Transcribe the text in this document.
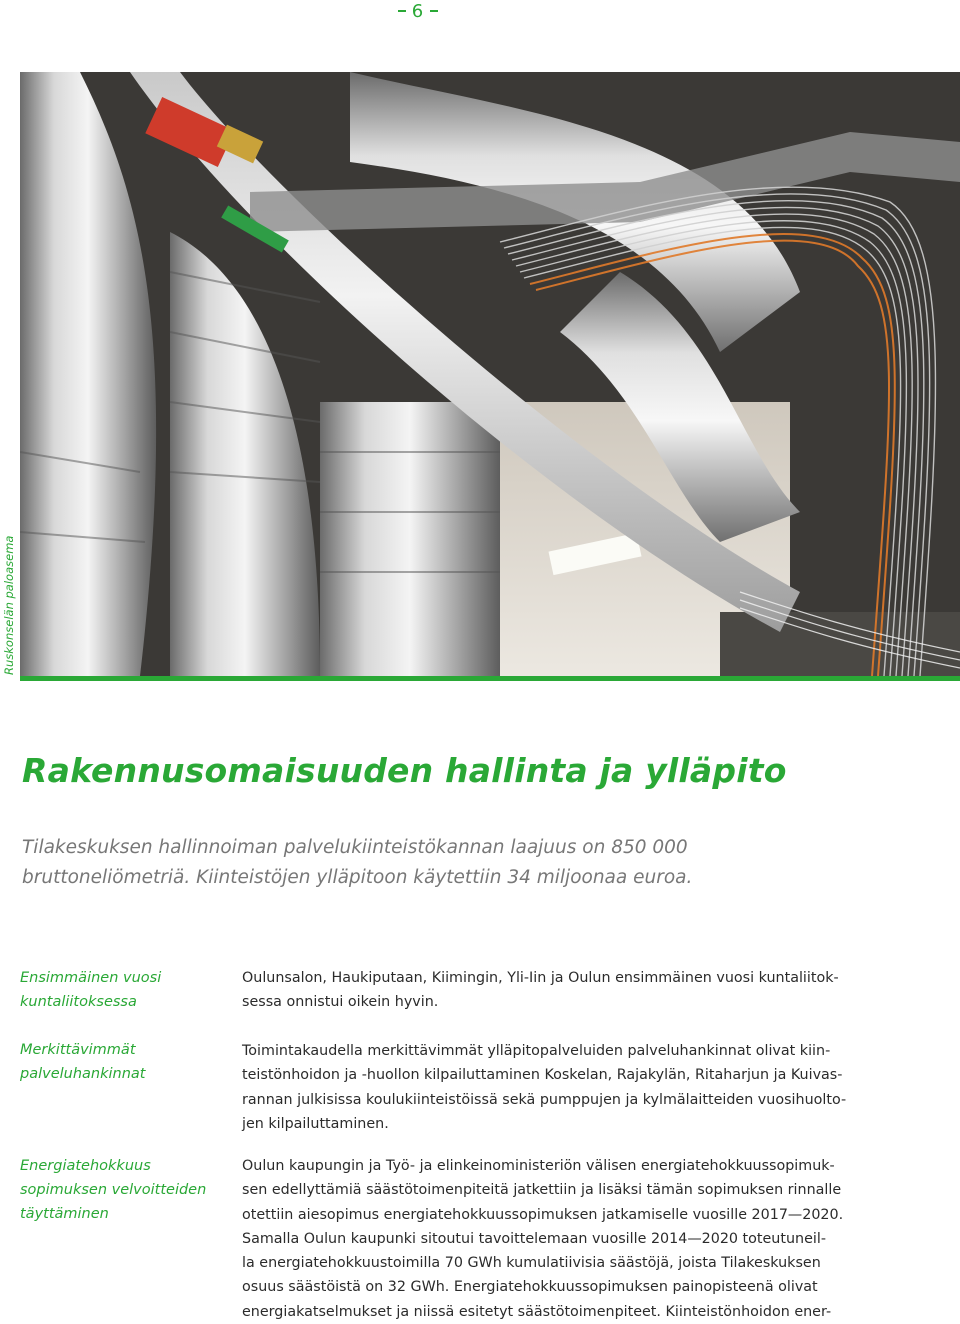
6
Ruskonselän paloasema
Rakennusomaisuuden hallinta ja ylläpito

Tilakeskuksen hallinnoiman palvelukiinteistökannan laajuus on 850 000
bruttoneliömetriä. Kiinteistöjen ylläpitoon käytettiin 34 miljoonaa euroa.

Ensimmäinen vuosi
kuntaliitoksessa

Merkittävimmät
palveluhankinnat

Energiatehokkuus
sopimuksen velvoitteiden
täyttäminen

Oulunsalon, Haukiputaan, Kiimingin, Yli-Iin ja Oulun ensimmäinen vuosi kuntaliitok-
sessa onnistui oikein hyvin.

Toimintakaudella merkittävimmät ylläpitopalveluiden palveluhankinnat olivat kiin-
teistönhoidon ja -huollon kilpailuttaminen Koskelan, Rajakylän, Ritaharjun ja Kuivas-
rannan julkisissa koulukiinteistöissä sekä pumppujen ja kylmälaitteiden vuosihuolto-
jen kilpailuttaminen.

Oulun kaupungin ja Työ- ja elinkeinoministeriön välisen energiatehokkuussopimuk-
sen edellyttämiä säästötoimenpiteitä jatkettiin ja lisäksi tämän sopimuksen rinnalle
otettiin aiesopimus energiatehokkuussopimuksen jatkamiselle vuosille 2017—2020.
Samalla Oulun kaupunki sitoutui tavoittelemaan vuosille 2014—2020 toteutuneil-
la energiatehokkuustoimilla 70 GWh kumulatiivisia säästöjä, joista Tilakeskuksen
osuus säästöistä on 32 GWh. Energiatehokkuussopimuksen painopisteenä olivat
energiakatselmukset ja niissä esitetyt säästötoimenpiteet. Kiinteistönhoidon ener-
